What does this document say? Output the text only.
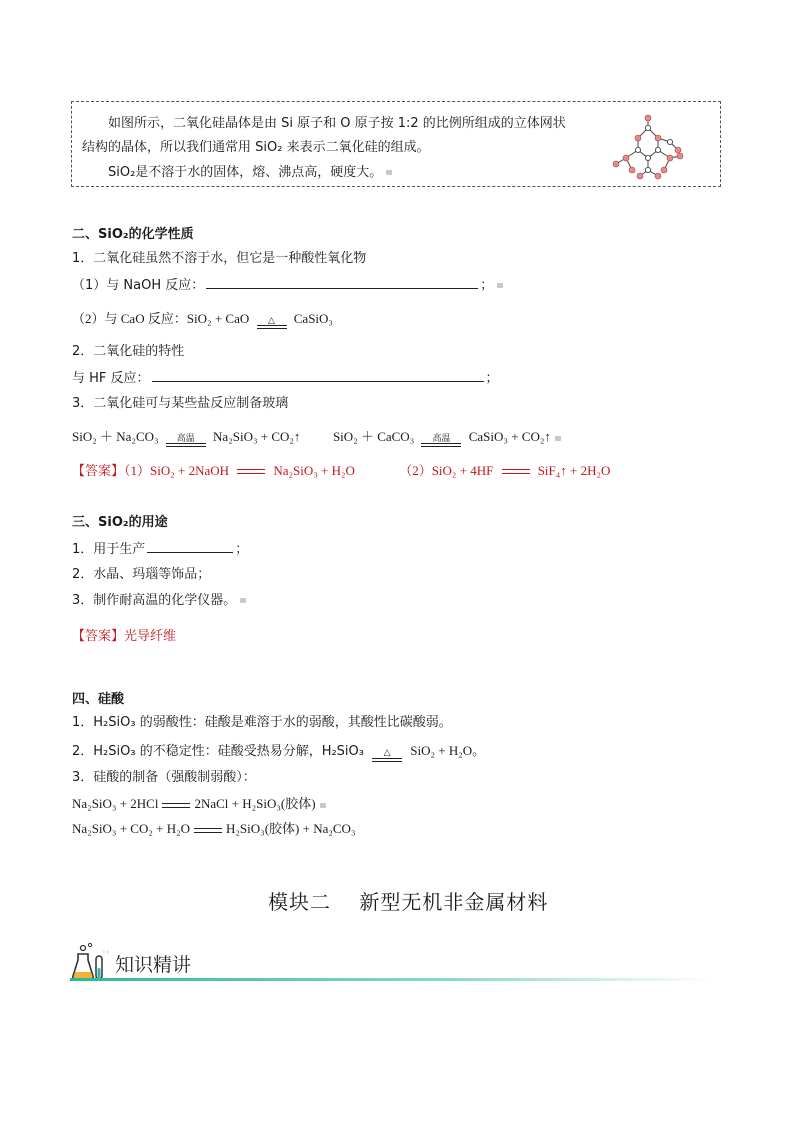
如图所示，二氧化硅晶体是由 Si 原子和 O 原子按 1:2 的比例所组成的立体网状
结构的晶体，所以我们通常用 SiO₂ 来表示二氧化硅的组成。
SiO₂是不溶于水的固体，熔、沸点高，硬度大。
二、SiO₂的化学性质
1．二氧化硅虽然不溶于水，但它是一种酸性氧化物
（1）与 NaOH 反应：	；
（2）与 CaO 反应：SiO₂ + CaO	△	CaSiO₃
2．二氧化硅的特性
与 HF 反应：	；
3．二氧化硅可与某些盐反应制备玻璃
SiO₂ ＋ Na₂CO₃	高温	Na₂SiO₃ + CO₂↑	SiO₂ ＋ CaCO₃	高温	CaSiO₃ + CO₂↑
【答案】（1）SiO₂ + 2NaOH	Na₂SiO₃ + H₂O	（2）SiO₂ + 4HF	SiF₄↑ + 2H₂O
三、SiO₂的用途
1．用于生产	；
2．水晶、玛瑙等饰品；
3．制作耐高温的化学仪器。
【答案】光导纤维
四、硅酸
1．H₂SiO₃ 的弱酸性：硅酸是难溶于水的弱酸，其酸性比碳酸弱。
2．H₂SiO₃ 的不稳定性：硅酸受热易分解，H₂SiO₃	△	SiO₂ + H₂O。
3．硅酸的制备（强酸制弱酸）：
Na₂SiO₃ + 2HCl	2NaCl + H₂SiO₃(胶体)
Na₂SiO₃ + CO₂ + H₂O	H₂SiO₃(胶体) + Na₂CO₃
模块二　 新型无机非金属材料
知识精讲
